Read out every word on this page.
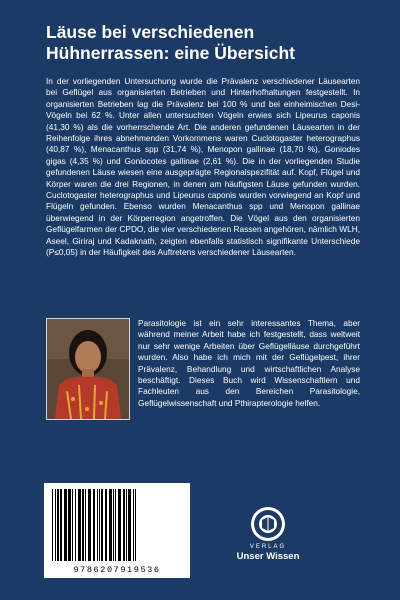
Läuse bei verschiedenen Hühnerrassen: eine Übersicht

In der vorliegenden Untersuchung wurde die Prävalenz verschiedener Läusearten bei Geflügel aus organisierten Betrieben und Hinterhofhaltungen festgestellt. In organisierten Betrieben lag die Prävalenz bei 100 % und bei einheimischen Desi-Vögeln bei 62 %. Unter allen untersuchten Vögeln erwies sich Lipeurus caponis (41,30 %) als die vorherrschende Art. Die anderen gefundenen Läusearten in der Reihenfolge ihres abnehmenden Vorkommens waren Cuclotogaster heterographus (40,87 %), Menacanthus spp (31,74 %), Menopon gallinae (18,70 %), Goniodes gigas (4,35 %) und Goniocotes gallinae (2,61 %). Die in der vorliegenden Studie gefundenen Läuse wiesen eine ausgeprägte Regionalspezifität auf. Kopf, Flügel und Körper waren die drei Regionen, in denen am häufigsten Läuse gefunden wurden. Cuclotogaster heterographus und Lipeurus caponis wurden vorwiegend an Kopf und Flügeln gefunden. Ebenso wurden Menacanthus spp und Menopon gallinae überwiegend in der Körperregion angetroffen. Die Vögel aus den organisierten Geflügelfarmen der CPDO, die vier verschiedenen Rassen angehören, nämlich WLH, Aseel, Giriraj und Kadaknath, zeigten ebenfalls statistisch signifikante Unterschiede (P≤0,05) in der Häufigkeit des Auftretens verschiedener Läusearten.

Parasitologie ist ein sehr interessantes Thema, aber während meiner Arbeit habe ich festgestellt, dass weltweit nur sehr wenige Arbeiten über Geflügelläuse durchgeführt wurden. Also habe ich mich mit der Geflügelpest, ihrer Prävalenz, Behandlung und wirtschaftlichen Analyse beschäftigt. Dieses Buch wird Wissenschaftlern und Fachleuten aus den Bereichen Parasitologie, Geflügelwissenschaft und Pthirapterologie helfen.

9786207919536
VERLAG
Unser Wissen
